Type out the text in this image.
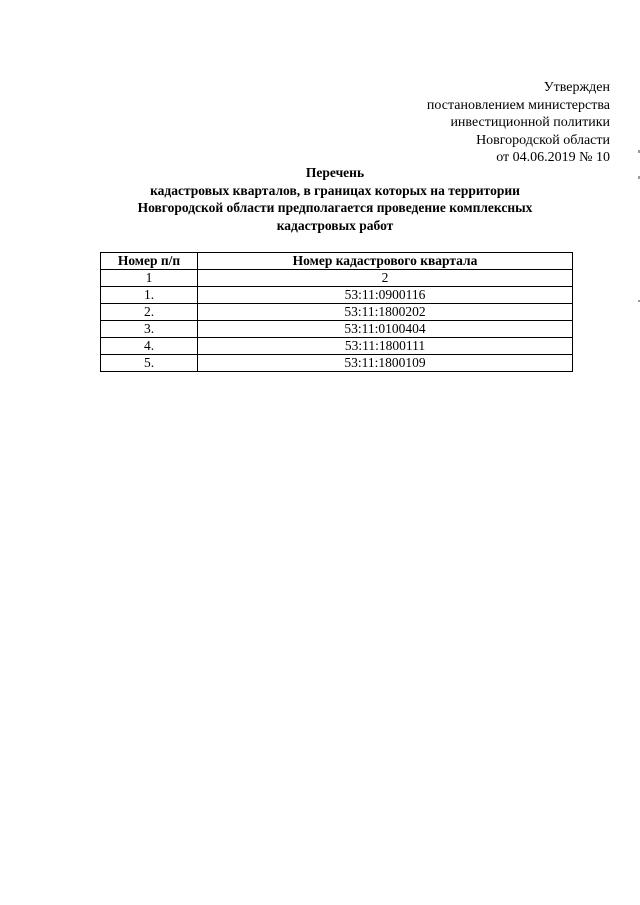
Утвержден
постановлением министерства
инвестиционной политики
Новгородской области
от 04.06.2019 № 10
Перечень
кадастровых кварталов, в границах которых на территории
Новгородской области предполагается проведение комплексных
кадастровых работ
Номер п/п	Номер кадастрового квартала
1	2
1.	53:11:0900116
2.	53:11:1800202
3.	53:11:0100404
4.	53:11:1800111
5.	53:11:1800109
